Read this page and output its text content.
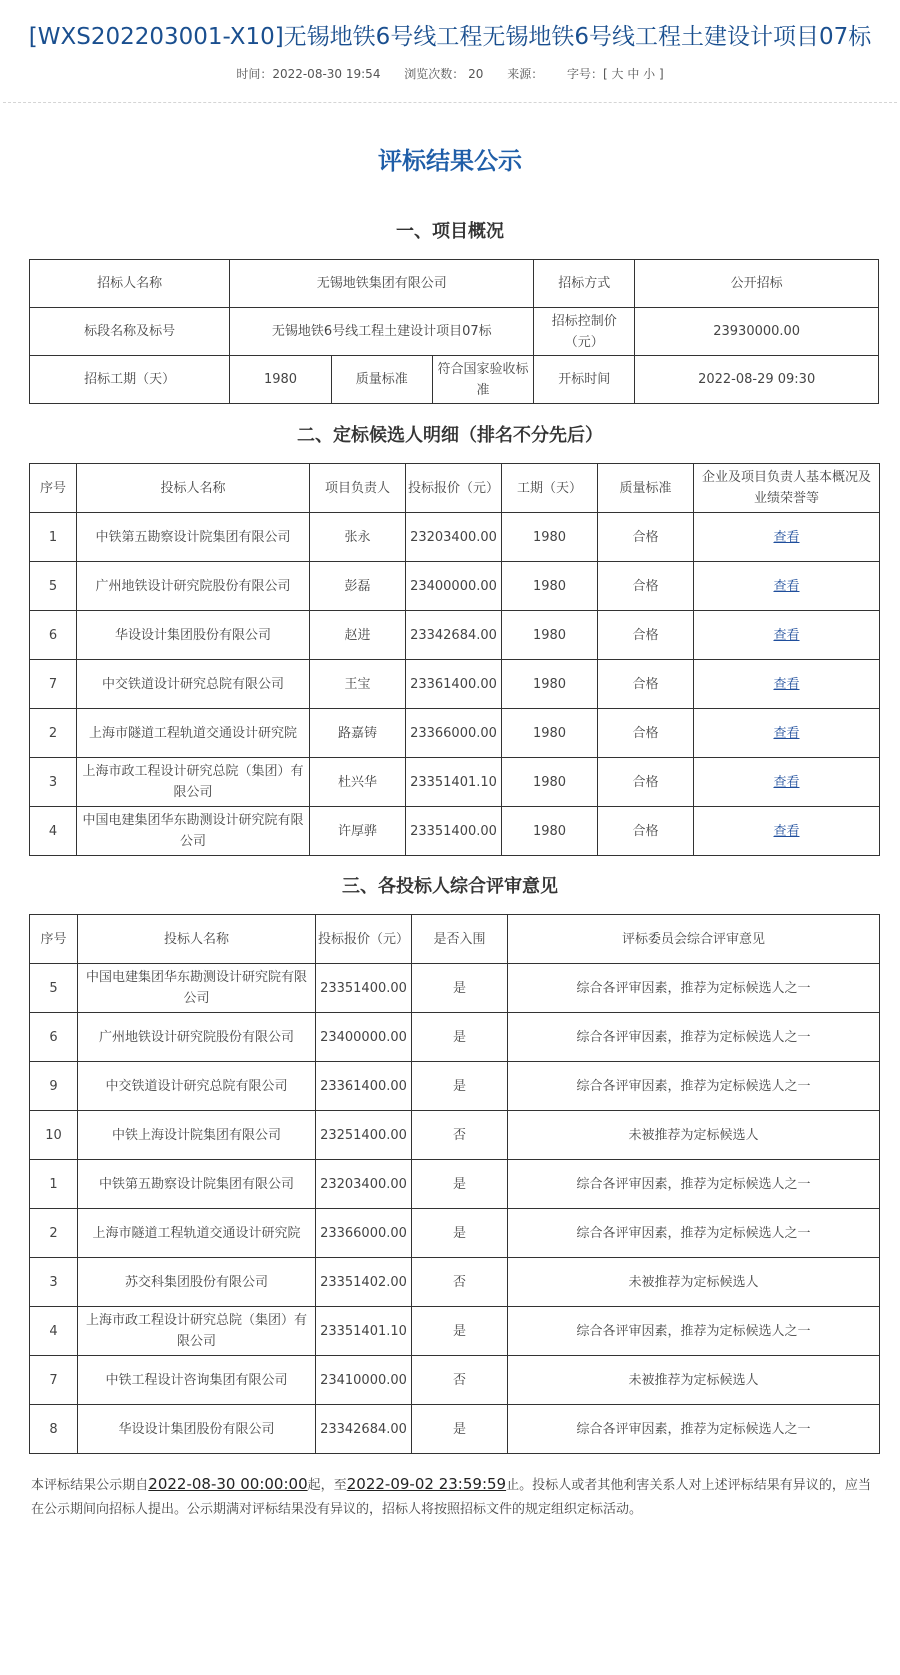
[WXS202203001-X10]无锡地铁6号线工程无锡地铁6号线工程土建设计项目07标
时间：2022-08-30 19:54 浏览次数： 20 来源： 字号：[ 大 中 小 ]
评标结果公示
一、项目概况
招标人名称	无锡地铁集团有限公司			招标方式	公开招标
标段名称及标号	无锡地铁6号线工程土建设计项目07标			招标控制价（元）	23930000.00
招标工期（天）	1980	质量标准	符合国家验收标准	开标时间	2022-08-29 09:30
二、定标候选人明细（排名不分先后）
序号	投标人名称	项目负责人	投标报价（元）	工期（天）	质量标准	企业及项目负责人基本概况及业绩荣誉等
1	中铁第五勘察设计院集团有限公司	张永	23203400.00	1980	合格	查看
5	广州地铁设计研究院股份有限公司	彭磊	23400000.00	1980	合格	查看
6	华设设计集团股份有限公司	赵进	23342684.00	1980	合格	查看
7	中交铁道设计研究总院有限公司	王宝	23361400.00	1980	合格	查看
2	上海市隧道工程轨道交通设计研究院	路嘉铸	23366000.00	1980	合格	查看
3	上海市政工程设计研究总院（集团）有限公司	杜兴华	23351401.10	1980	合格	查看
4	中国电建集团华东勘测设计研究院有限公司	许厚骅	23351400.00	1980	合格	查看
三、各投标人综合评审意见
序号	投标人名称	投标报价（元）	是否入围	评标委员会综合评审意见
5	中国电建集团华东勘测设计研究院有限公司	23351400.00	是	综合各评审因素，推荐为定标候选人之一
6	广州地铁设计研究院股份有限公司	23400000.00	是	综合各评审因素，推荐为定标候选人之一
9	中交铁道设计研究总院有限公司	23361400.00	是	综合各评审因素，推荐为定标候选人之一
10	中铁上海设计院集团有限公司	23251400.00	否	未被推荐为定标候选人
1	中铁第五勘察设计院集团有限公司	23203400.00	是	综合各评审因素，推荐为定标候选人之一
2	上海市隧道工程轨道交通设计研究院	23366000.00	是	综合各评审因素，推荐为定标候选人之一
3	苏交科集团股份有限公司	23351402.00	否	未被推荐为定标候选人
4	上海市政工程设计研究总院（集团）有限公司	23351401.10	是	综合各评审因素，推荐为定标候选人之一
7	中铁工程设计咨询集团有限公司	23410000.00	否	未被推荐为定标候选人
8	华设设计集团股份有限公司	23342684.00	是	综合各评审因素，推荐为定标候选人之一
本评标结果公示期自2022-08-30 00:00:00起，至2022-09-02 23:59:59止。投标人或者其他利害关系人对上述评标结果有异议的，应当在公示期间向招标人提出。公示期满对评标结果没有异议的，招标人将按照招标文件的规定组织定标活动。
